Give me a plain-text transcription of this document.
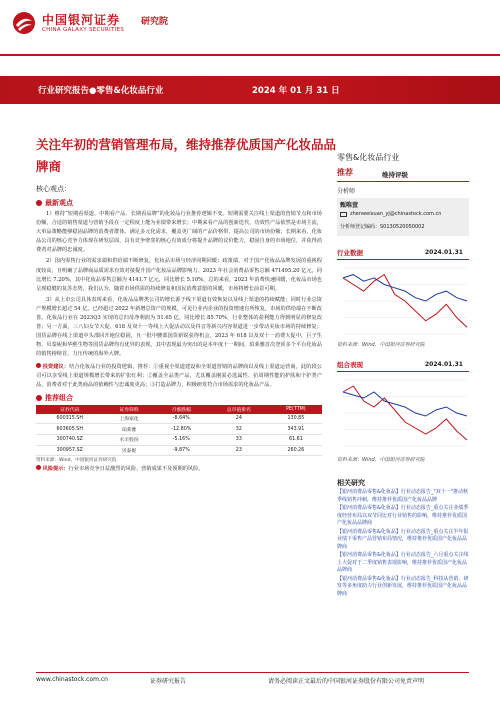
中国银河证券
CHINA GALAXY SECURITIES
研究院
行业研究报告●零售&化妆品行业	2024 年 01 月 31 日
关注年初的营销管理布局，维持推荐优质国产化妆品品牌商
核心观点：
零售&化妆品行业
推荐	维持评级
分析师
甄唯萱
zhenweixuan_yj@chinastock.com.cn
分析师登记编码：S0130520050002
行业数据	2024.01.31
资料来源：Wind，中国银河证券研究院
组合表现	2024.01.31
资料来源：Wind，中国银河证券研究院
相关研究
【银河消费品零售&化妆品】行业动态报告_"双十一"推动秋季线销售冲刺，维持推荐优质国产化妆品品牌
【银河消费品零售&化妆品】行业动态报告_重点关注业绩季度经营布局以双节同比对行业销售的影响，维持推荐优质国产化妆品品牌商
【银河消费品零售&化妆品】行业动态报告_重点关注半年报业绩下零售产品营销布局情况，维持推荐优质国产化妆品品牌商
【银河消费品零售&化妆品】行业动态报告_六月重点关注线上大促对于二季度销售表现影响，维持推荐优质国产化妆品品牌商
【银河消费品零售&化妆品】行业动态报告_科技从营销、研发等多角度助力行业创新发展，维持推荐优质国产化妆品品牌商
最新观点

1）维持“短期看渠道、中期看产品、长期看品牌”的化妆品行业推荐逻辑不变。短期需要关注线上渠道的营销节点和市场份额，合适的销售渠道与营销手段在一定程度上能为业绩带来增长；中期来看产品的创新迭代，功效性产品依然是市场主流，大单品策略能够稳固品牌的消费者群体，满足多元化需求，覆盖更广阔的产品价格带，提高公司的市场份额；长期来看，化妆品公司的核心竞争力体现在研发层面，具有竞争壁垒的核心有效成分将提升品牌的议价能力，稳固自身的市场地位，并获得消费者对品牌的忠诚度。

2）国内零售行业的需求端和供给端不断修复，化妆品市场与经济同期回暖；政策端，对于国产化妆品品牌发展的重视程度较高，且明确了品牌商品质需求有效对接提升国产化妆品品牌影响力。2023 年社会消费品零售总额 471495.20 亿元，同比增长 7.20%，其中化妆品零售总额为 4141.7 亿元，同比增长 5.10%，总的来看，2023 年消费快速回暖，化妆品市场也呈现稳健的复苏态势，我们认为，随着市场供需的持续修复和国民消费意愿的回暖，市场将增长前景可期。

3）从上市公司具体表现来看，化妆品品牌类公司的增长源于线下渠道有效恢复以及线上渠道的持续赋能；同时行业总资产规模增长超过 54 亿，已经超过 2022 年新增总资产的规模，可见行业内企业的投资增速有所恢复，市场的供给端在不断改善。化妆品行业在 2023Q3 实现的总归母净利润为 51.65 亿，同比增长 85.70%，行业整体的盈利能力得到明显的修复改善；另一方面，三八妇女节大促、618 及双十一等线上大促活动以及抖音等新兴内容渠道进一步带动美妆市场的持续修复；国货品牌在线上渠道中头部回升地位稳固，且一批中腰部国货新锐获得机会，2023 年 618 以及双十一消费大促中，巨子生物、贝泰妮和华熙生物等国货品牌均有优异的表现，其中表现最为突出的是本年度十一期间，珀莱雅首次登顶多个平台化妆品的销售榜榜首，力压传统的海外大牌。

投资建议：结合化妆品行业的投资逻辑，推荐：①重视全渠道建设和全渠道营销的品牌商以及线上渠道运营商，此阶段公司可以享受线上渠道规模增长带来的扩张红利；②覆盖全品类产品，尤其覆盖刚需必选属性、抗周期性能的护肤和个护类产品，消费者对于此类商品的依赖性与忠诚度更高；③打造品牌力，积极研发符合市场需求的化妆品产品。

推荐组合
证券代码	证券简称	月涨跌幅	总市值排名	PE(TTM)
600315.SH	上海家化	-8.64%	24	130.85
603605.SH	珀莱雅	-12.80%	32	343.91
300740.SZ	水羊股份	-5.16%	33	61.61
300957.SZ	贝泰妮	-9.87%	23	260.26
资料来源：Wind，中国银河证券研究院

风险提示：行业市场竞争日益激烈的风险、营销成果不及预期的风险。

www.chinastock.com.cn	证券研究报告	请务必阅读正文最后的中国银河证券股份有限公司免责声明
